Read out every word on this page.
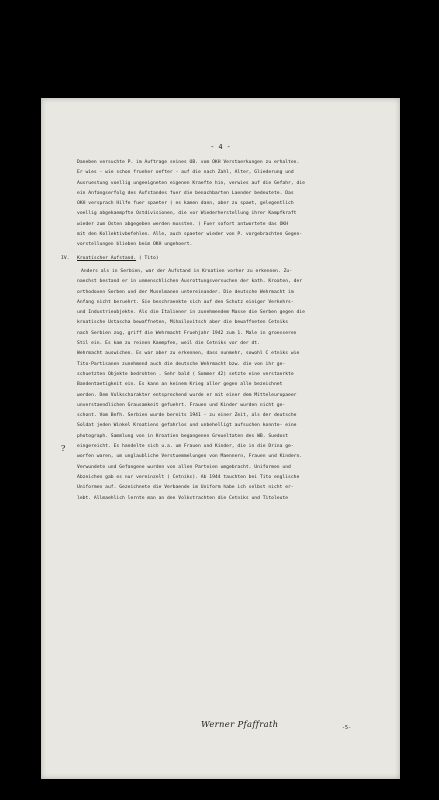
- 4 -
Daneben versuchte P. im Auftrage seines OB. vom OKH Verstaerkungen zu erhalten.
Er wies - wie schon frueher oefter - auf die nach Zahl, Alter, Gliederung und
Ausruestung voellig ungeeigneten eigenen Kraefte hin, verwies auf die Gefahr, die
ein Anfangserfolg des Aufstandes fuer die benachbarten Laender bedeutete. Das
OKH versprach Hilfe fuer spaeter ( es kamen dann, aber zu spaet, gelegentlich
voellig abgekaempfte Ostdivisionen, die vor Wiederherstellung ihrer Kampfkraft
wieder zum Osten abgegeben werden mussten. ) Fuer sofort antwortete das OKH
mit den Kollektivbefehlen. Alle, auch spaeter wieder von P. vorgebrachten Gegen-
vorstellungen blieben beim OKH ungehoert.
IV. Kroatischer Aufstand. ( Tito)
Anders als in Serbien, war der Aufstand in Kroatien vorher zu erkennen. Zu-
naechst bestand er in unmenschlichen Ausrottungsversuchen der kath. Kroaten, der
orthodoxen Serben und der Muselmanen untereinander. Die deutsche Wehrmacht im
Anfang nicht beruehrt. Sie beschraenkte sich auf den Schutz einiger Verkehrs-
und Industrieobjekte. Als die Italiener in zunehmendem Masse die Serben gegen die
kroatische Ustascha bewaffneten, Mihailovitsch aber die bewaffneten Cetniks
nach Serbien zog, griff die Wehrmacht Fruehjahr 1942 zum 1. Male in groesseren
Stil ein. Es kam zu reinen Kaempfen, weil die Cetniks vor der dt.
Wehrmacht auswichen. Es war aber zu erkennen, dass nunmehr, sowohl C etniks wie
Tito-Partisanen zunehmend auch die deutsche Wehrmacht bzw. die von ihr ge-
schuetzten Objekte bedrohten . Sehr bald ( Sommer 42) setzte eine verstaerkte
Bandentaetigkeit ein. Es kann an keinem Krieg aller gegen alle bezeichnet
werden. Dem Volkscharakter entsprechend wurde er mit einer dem Mitteleuropaeer
unverstaendlichen Grausamkeit gefuehrt. Frauen und Kinder wurden nicht ge-
schont. Vom Befh. Serbien wurde bereits 1941 - zu einer Zeit, als der deutsche
Soldat jeden Winkel Kroatiens gefahrlos und unbehelligt aufsuchen konnte- eine
photograph. Sammlung von in Kroatien begangenen Greueltaten des WB. Suedost
eingereicht. Es handelte sich u.a. um Frauen und Kinder, die in die Drina ge-
worfen waren, um unglaubliche Verstuemmelungen von Maennern, Frauen und Kindern.
Verwundete und Gefangene wurden von allen Parteien umgebracht. Uniformen und
Abzeichen gab es nur vereinzelt ( Cetniks). Ab 1944 tauchten bei Tito englische
Uniformen auf. Gezeichnete die Verbaende im Uniform habe ich selbst nicht er-
lebt. Allmaehlich lernte man an den Volkstrachten die Cetniks und Titoleute
?
Werner Pfaffrath	-5-
